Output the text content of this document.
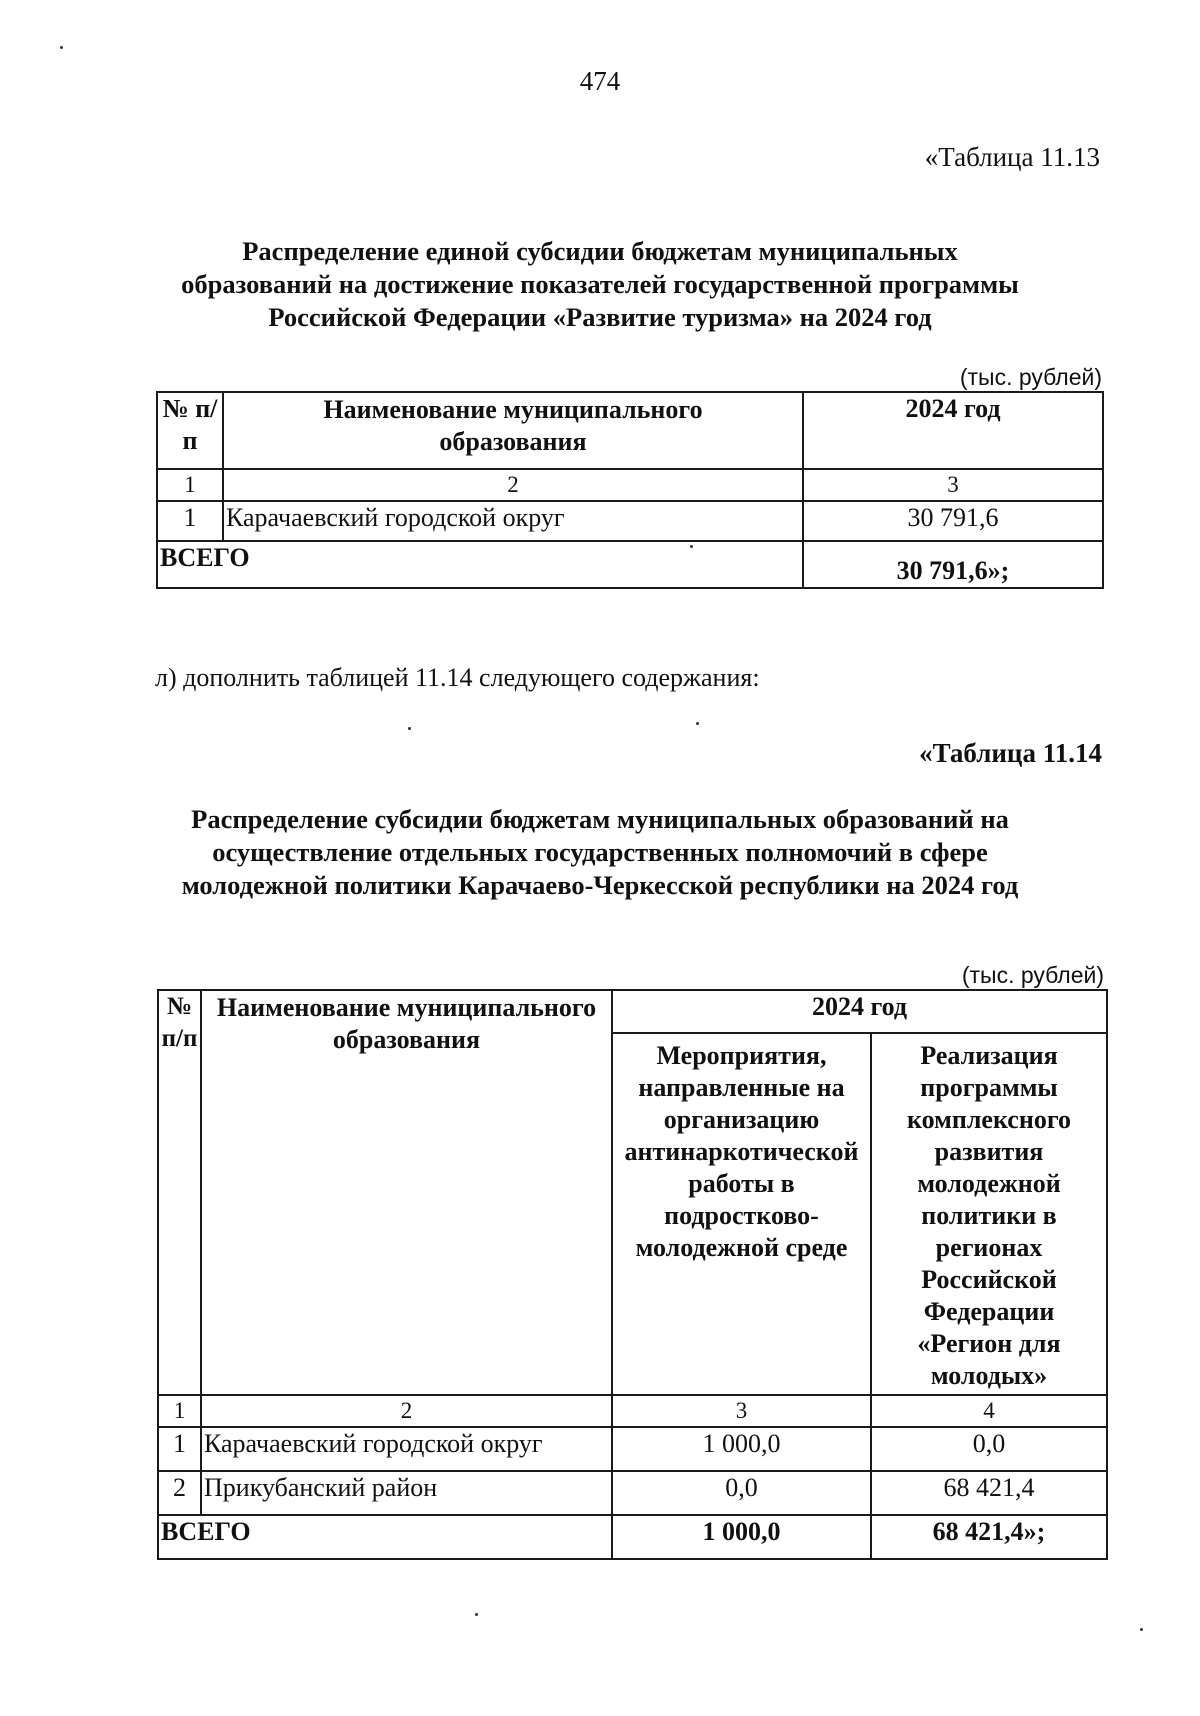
474
«Таблица 11.13
Распределение единой субсидии бюджетам муниципальных
образований на достижение показателей государственной программы
Российской Федерации «Развитие туризма» на 2024 год
(тыс. рублей)
№ п/п	Наименование муниципального образования	2024 год
1	2	3
1	Карачаевский городской округ	30 791,6
ВСЕГО		30 791,6»;
л) дополнить таблицей 11.14 следующего содержания:
«Таблица 11.14
Распределение субсидии бюджетам муниципальных образований на
осуществление отдельных государственных полномочий в сфере
молодежной политики Карачаево-Черкесской республики на 2024 год
(тыс. рублей)
№ п/п	Наименование муниципального образования	2024 год	
		Мероприятия, направленные на организацию антинаркотической работы в подростково-молодежной среде	Реализация программы комплексного развития молодежной политики в регионах Российской Федерации «Регион для молодых»
1	2	3	4
1	Карачаевский городской округ	1 000,0	0,0
2	Прикубанский район	0,0	68 421,4
ВСЕГО		1 000,0	68 421,4»;
